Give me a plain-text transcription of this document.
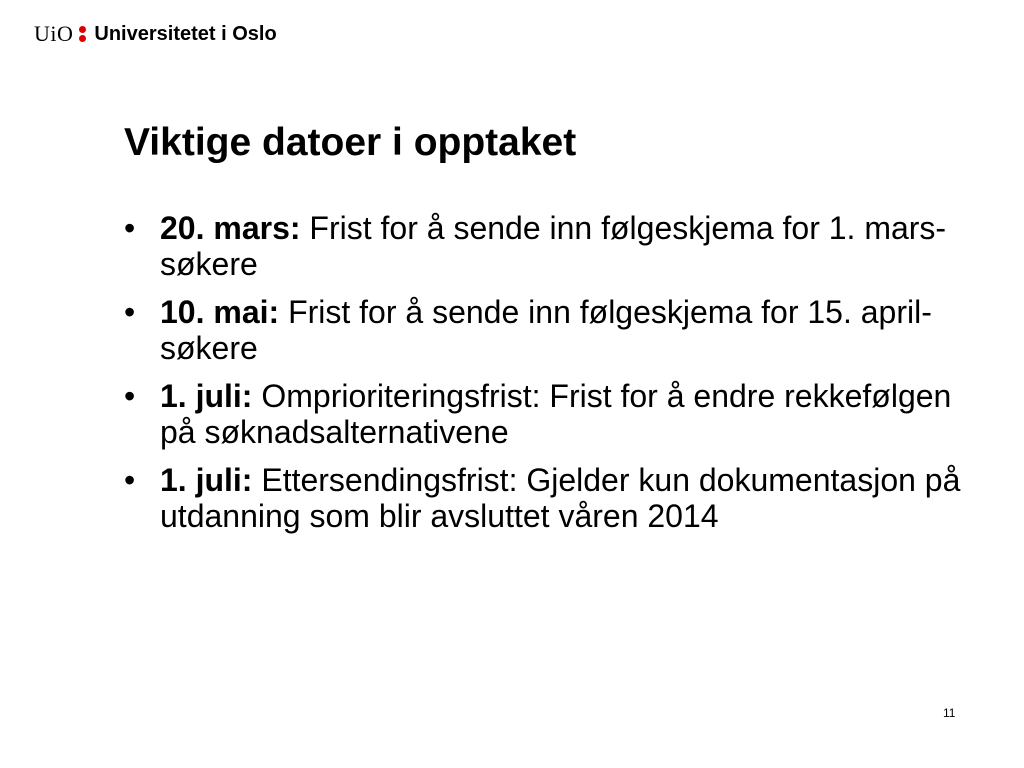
UiO Universitetet i Oslo
Viktige datoer i opptaket
• 20. mars: Frist for å sende inn følgeskjema for 1. mars-søkere
• 10. mai: Frist for å sende inn følgeskjema for 15. april-søkere
• 1. juli: Omprioriteringsfrist: Frist for å endre rekkefølgen på søknadsalternativene
• 1. juli: Ettersendingsfrist: Gjelder kun dokumentasjon på utdanning som blir avsluttet våren 2014
11
